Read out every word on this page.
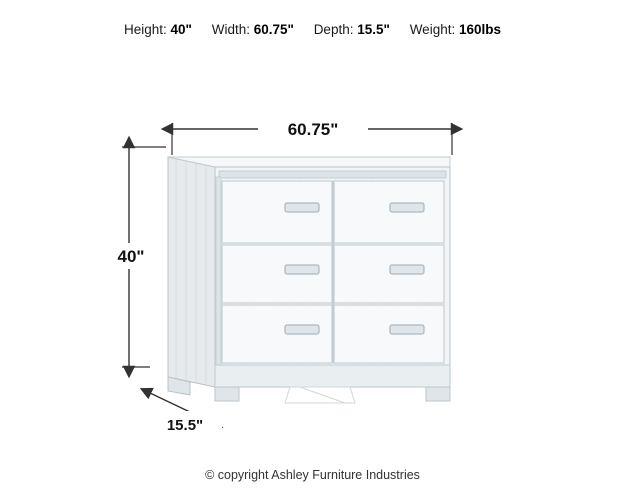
Height: 40" Width: 60.75" Depth: 15.5" Weight: 160lbs
60.75"
40"
15.5"
© copyright Ashley Furniture Industries
